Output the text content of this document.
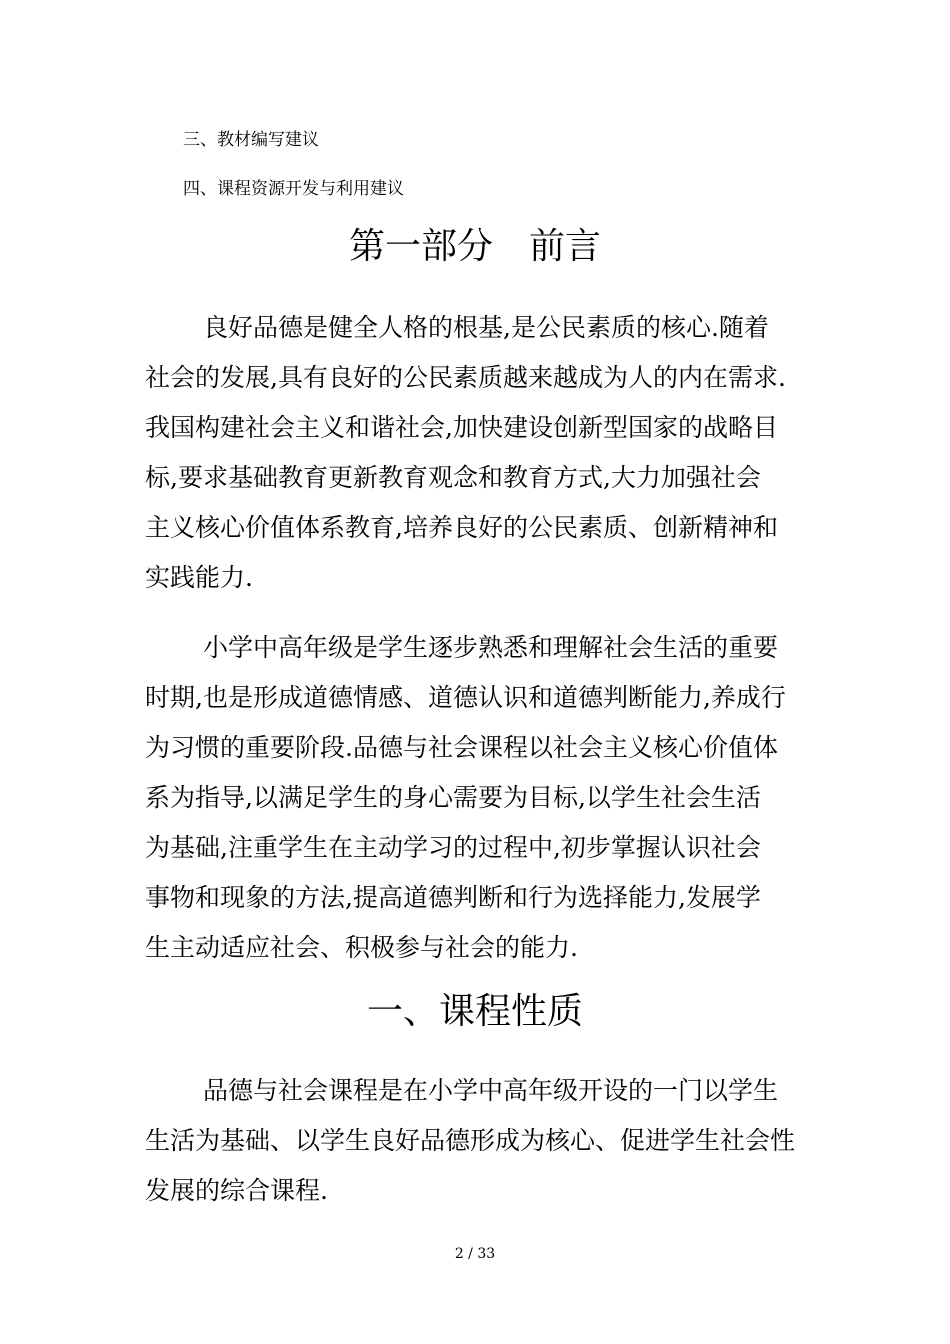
三、教材编写建议
四、课程资源开发与利用建议
第一部分　前言
良好品德是健全人格的根基,是公民素质的核心.随着
社会的发展,具有良好的公民素质越来越成为人的内在需求.
我国构建社会主义和谐社会,加快建设创新型国家的战略目
标,要求基础教育更新教育观念和教育方式,大力加强社会
主义核心价值体系教育,培养良好的公民素质、创新精神和
实践能力.
小学中高年级是学生逐步熟悉和理解社会生活的重要
时期,也是形成道德情感、道德认识和道德判断能力,养成行
为习惯的重要阶段.品德与社会课程以社会主义核心价值体
系为指导,以满足学生的身心需要为目标,以学生社会生活
为基础,注重学生在主动学习的过程中,初步掌握认识社会
事物和现象的方法,提高道德判断和行为选择能力,发展学
生主动适应社会、积极参与社会的能力.
一、课程性质
品德与社会课程是在小学中高年级开设的一门以学生
生活为基础、以学生良好品德形成为核心、促进学生社会性
发展的综合课程.
2 / 33
